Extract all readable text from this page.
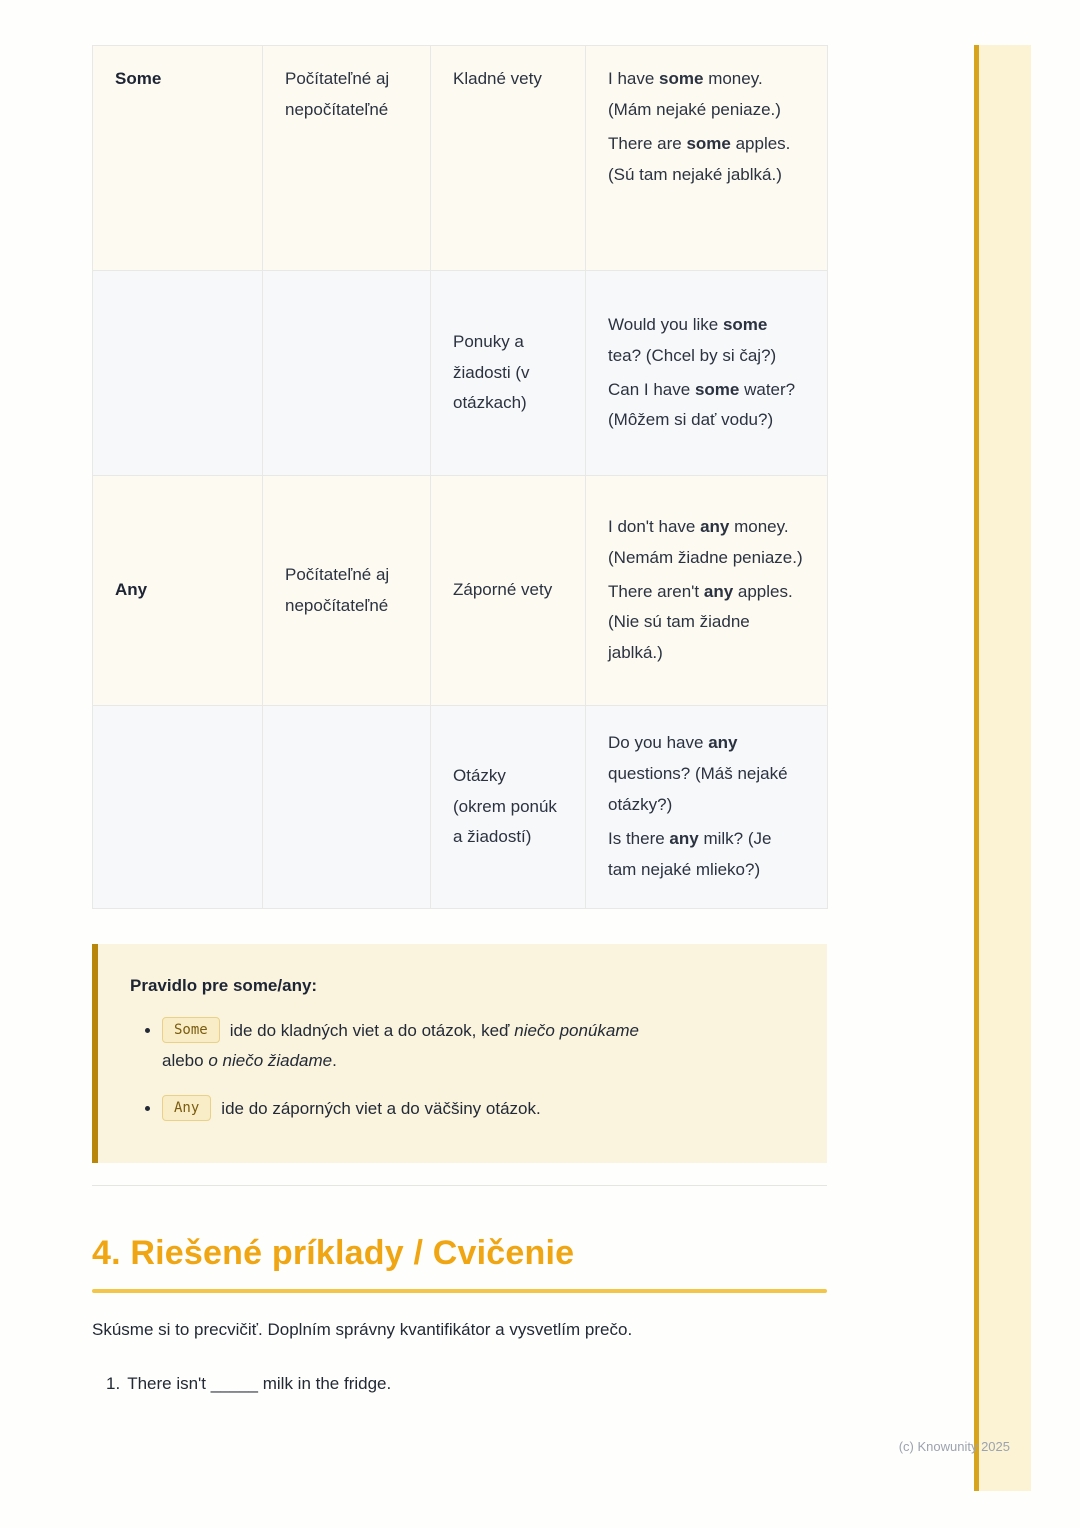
Some	Počítateľné aj nepočítateľné	Kladné vety	I have some money. (Mám nejaké peniaze.)
There are some apples. (Sú tam nejaké jablká.)

		Ponuky a žiadosti (v otázkach)	Would you like some tea? (Chcel by si čaj?)
Can I have some water? (Môžem si dať vodu?)

Any	Počítateľné aj nepočítateľné	Záporné vety	I don't have any money. (Nemám žiadne peniaze.)
There aren't any apples. (Nie sú tam žiadne jablká.)

		Otázky (okrem ponúk a žiadostí)	Do you have any questions? (Máš nejaké otázky?)
Is there any milk? (Je tam nejaké mlieko?)

Pravidlo pre some/any:

• Some ide do kladných viet a do otázok, keď niečo ponúkame alebo o niečo žiadame.
• Any ide do záporných viet a do väčšiny otázok.
4. Riešené príklady / Cvičenie

Skúsme si to precvičiť. Doplním správny kvantifikátor a vysvetlím prečo.

1. There isn't _____ milk in the fridge.
(c) Knowunity 2025
